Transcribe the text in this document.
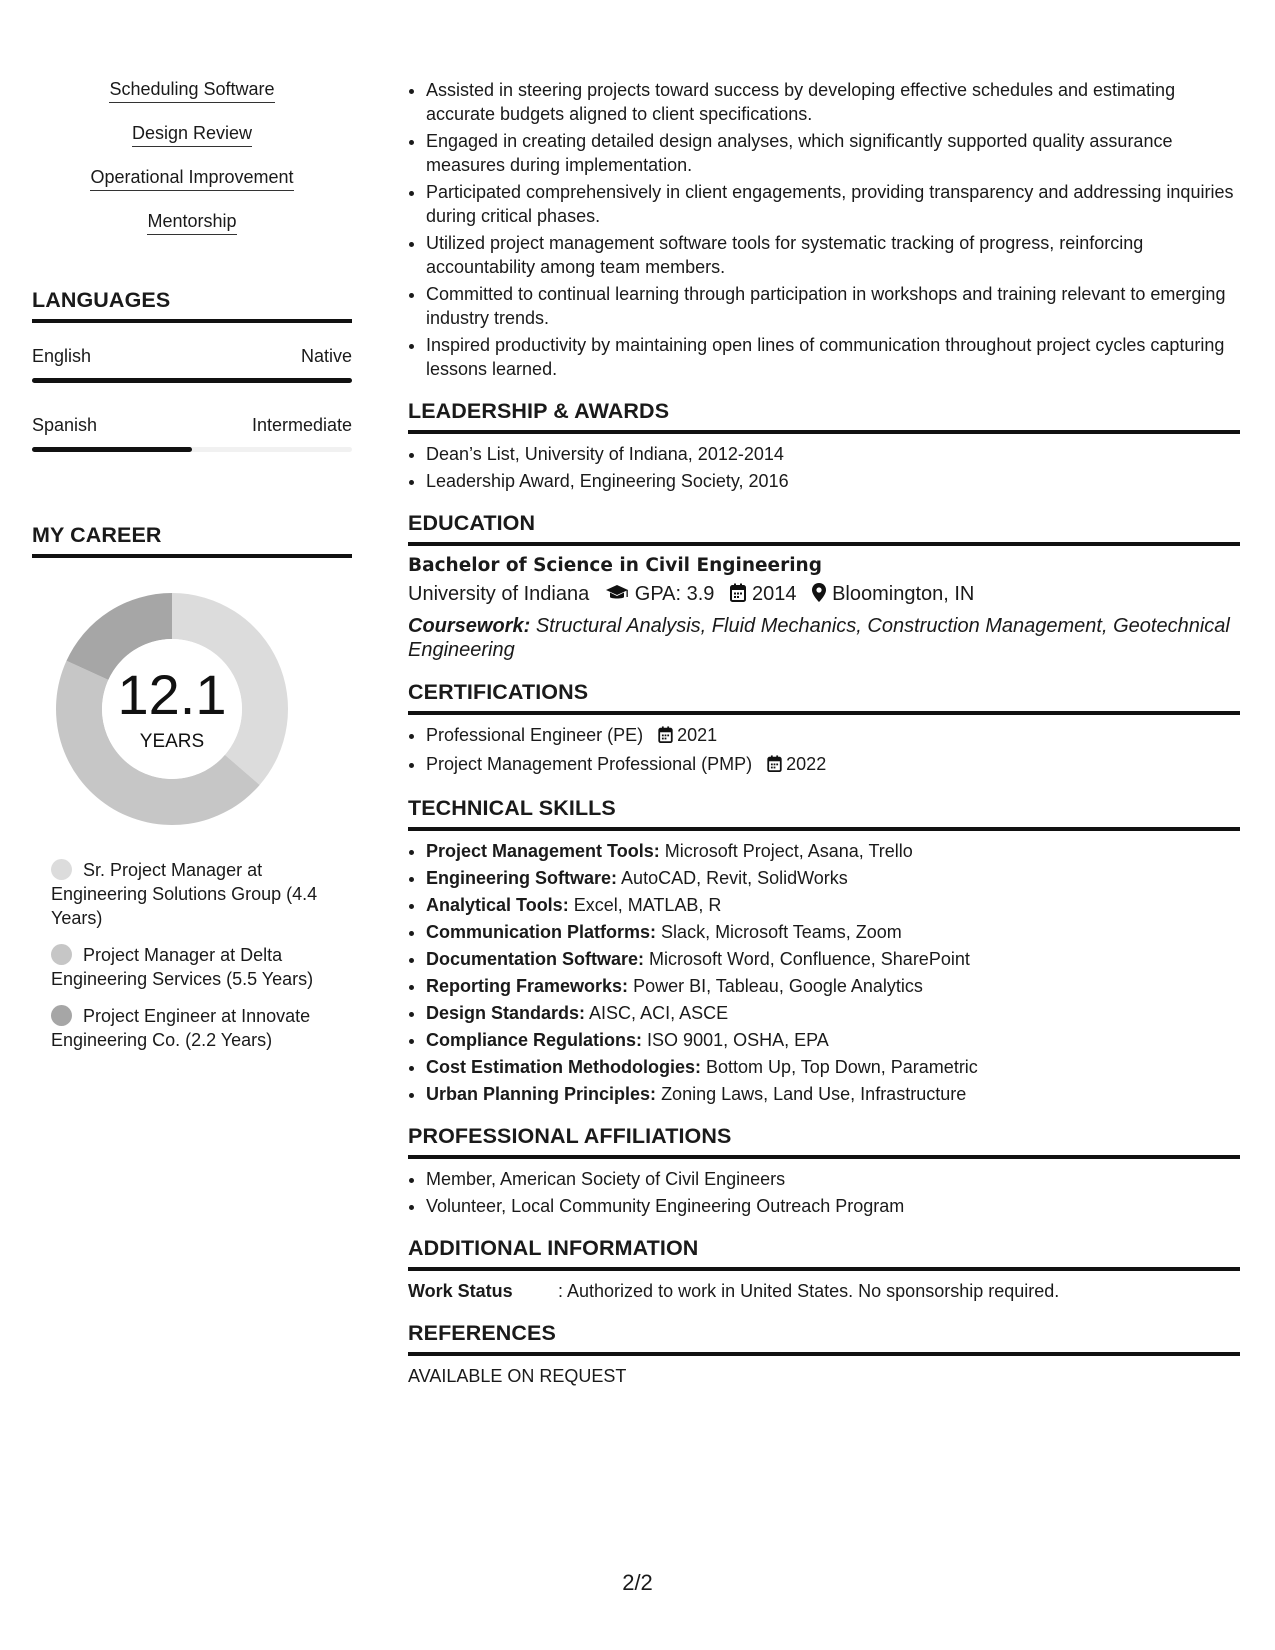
Scheduling Software
Design Review
Operational Improvement
Mentorship
LANGUAGES
English	Native
Spanish	Intermediate
MY CAREER
12.1
YEARS
Sr. Project Manager at Engineering Solutions Group (4.4 Years)
Project Manager at Delta Engineering Services (5.5 Years)
Project Engineer at Innovate Engineering Co. (2.2 Years)
• Assisted in steering projects toward success by developing effective schedules and estimating accurate budgets aligned to client specifications.
• Engaged in creating detailed design analyses, which significantly supported quality assurance measures during implementation.
• Participated comprehensively in client engagements, providing transparency and addressing inquiries during critical phases.
• Utilized project management software tools for systematic tracking of progress, reinforcing accountability among team members.
• Committed to continual learning through participation in workshops and training relevant to emerging industry trends.
• Inspired productivity by maintaining open lines of communication throughout project cycles capturing lessons learned.
LEADERSHIP & AWARDS
• Dean’s List, University of Indiana, 2012-2014
• Leadership Award, Engineering Society, 2016
EDUCATION
Bachelor of Science in Civil Engineering
University of Indiana GPA: 3.9 2014 Bloomington, IN
Coursework: Structural Analysis, Fluid Mechanics, Construction Management, Geotechnical Engineering
CERTIFICATIONS
• Professional Engineer (PE) 2021
• Project Management Professional (PMP) 2022
TECHNICAL SKILLS
• Project Management Tools: Microsoft Project, Asana, Trello
• Engineering Software: AutoCAD, Revit, SolidWorks
• Analytical Tools: Excel, MATLAB, R
• Communication Platforms: Slack, Microsoft Teams, Zoom
• Documentation Software: Microsoft Word, Confluence, SharePoint
• Reporting Frameworks: Power BI, Tableau, Google Analytics
• Design Standards: AISC, ACI, ASCE
• Compliance Regulations: ISO 9001, OSHA, EPA
• Cost Estimation Methodologies: Bottom Up, Top Down, Parametric
• Urban Planning Principles: Zoning Laws, Land Use, Infrastructure
PROFESSIONAL AFFILIATIONS
• Member, American Society of Civil Engineers
• Volunteer, Local Community Engineering Outreach Program
ADDITIONAL INFORMATION
Work Status	: Authorized to work in United States. No sponsorship required.
REFERENCES
AVAILABLE ON REQUEST
2/2
